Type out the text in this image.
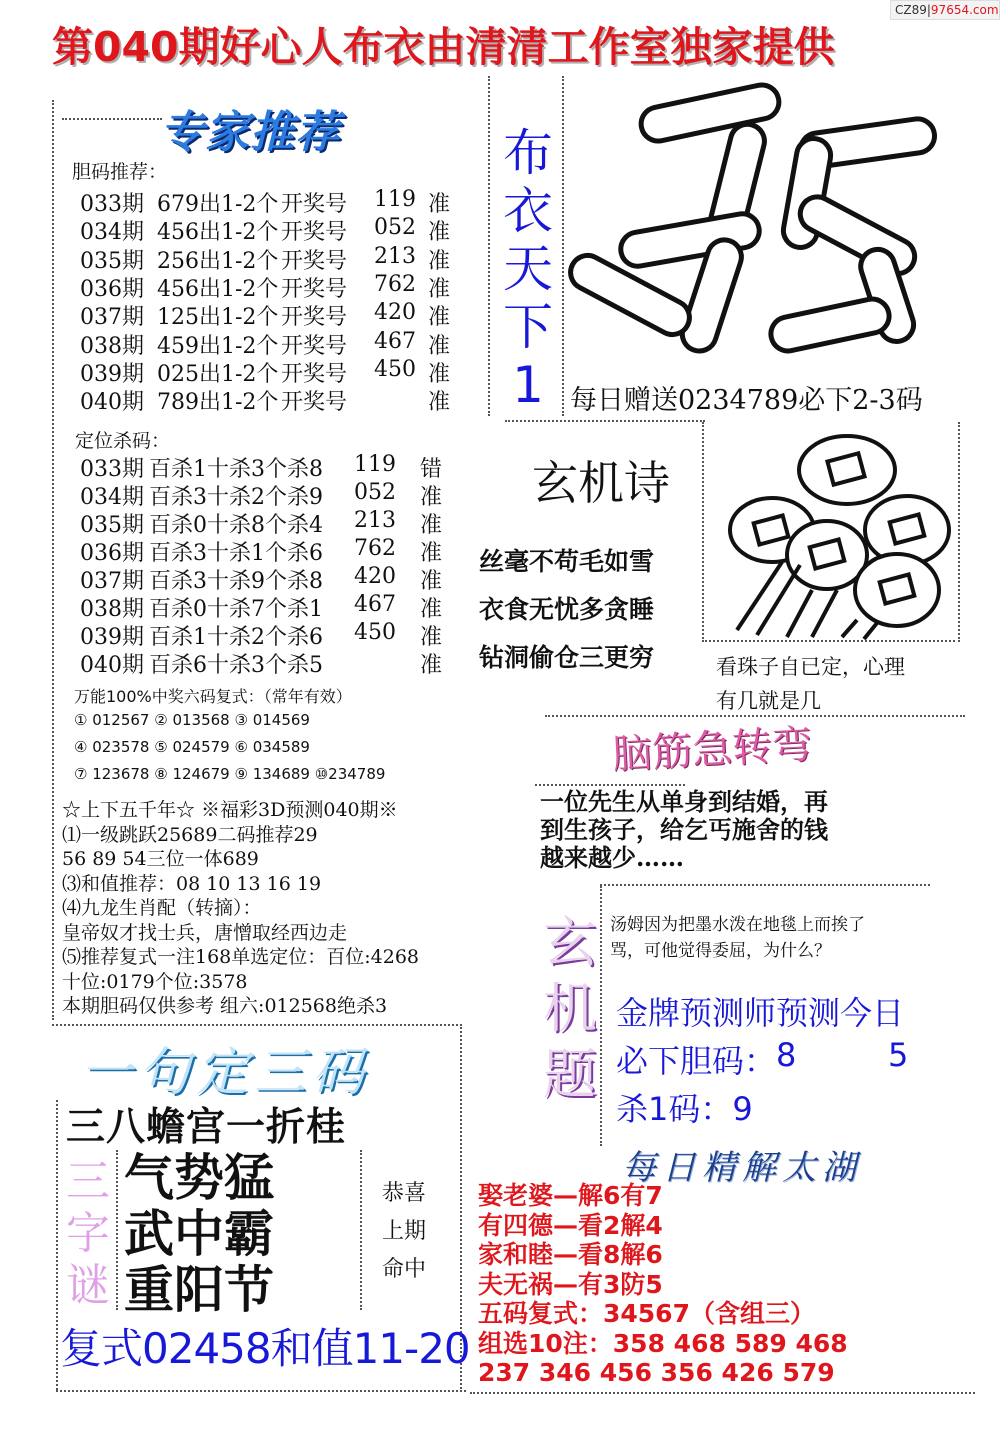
第040期好心人布衣由清清工作室独家提供
CZ89|97654.com
专家推荐
胆码推荐：
033期 679出1-2个 开奖号 119 准
034期 456出1-2个 开奖号 052 准
035期 256出1-2个 开奖号 213 准
036期 456出1-2个 开奖号 762 准
037期 125出1-2个 开奖号 420 准
038期 459出1-2个 开奖号 467 准
039期 025出1-2个 开奖号 450 准
040期 789出1-2个 开奖号	准
定位杀码：
033期 百杀1十杀3个杀8 119 错
034期 百杀3十杀2个杀9 052 准
035期 百杀0十杀8个杀4 213 准
036期 百杀3十杀1个杀6 762 准
037期 百杀3十杀9个杀8 420 准
038期 百杀0十杀7个杀1 467 准
039期 百杀1十杀2个杀6 450 准
040期 百杀6十杀3个杀5	准
万能100%中奖六码复式：（常年有效）
① 012567 ② 013568 ③ 014569
④ 023578 ⑤ 024579 ⑥ 034589
⑦ 123678 ⑧ 124679 ⑨ 134689 ⑩234789
布
衣
天
下
1 每日赠送0234789必下2-3码
玄机诗
丝毫不苟毛如雪
衣食无忧多贪睡
钻洞偷仓三更穷	看珠子自已定，心理
有几就是几
☆上下五千年☆ ※福彩3D预测040期※
⑴一级跳跃25689二码推荐29
56 89 54三位一体689
⑶和值推荐：08 10 13 16 19
⑷九龙生肖配（转摘）：
皇帝奴才找士兵，唐憎取经西边走
⑸推荐复式一注168单选定位：百位:4268
十位:0179个位:3578
本期胆码仅供参考 组六:012568绝杀3
脑筋急转弯
一位先生从单身到结婚，再
到生孩子，给乞丐施舍的钱
越来越少……
玄
机
题
汤姆因为把墨水泼在地毯上而挨了
骂，可他觉得委屈，为什么？
金牌预测师预测今日
必下胆码： 8	5
杀1码：9
一句定三码
三八蟾宫一折桂
三
字
谜
气势猛
武中霸
重阳节
恭喜
上期
命中
复式02458和值11-20
每日精解太湖
娶老婆—解6有7
有四德—看2解4
家和睦—看8解6
夫无祸—有3防5
五码复式：34567（含组三）
组选10注：358 468 589 468
237 346 456 356 426 579
